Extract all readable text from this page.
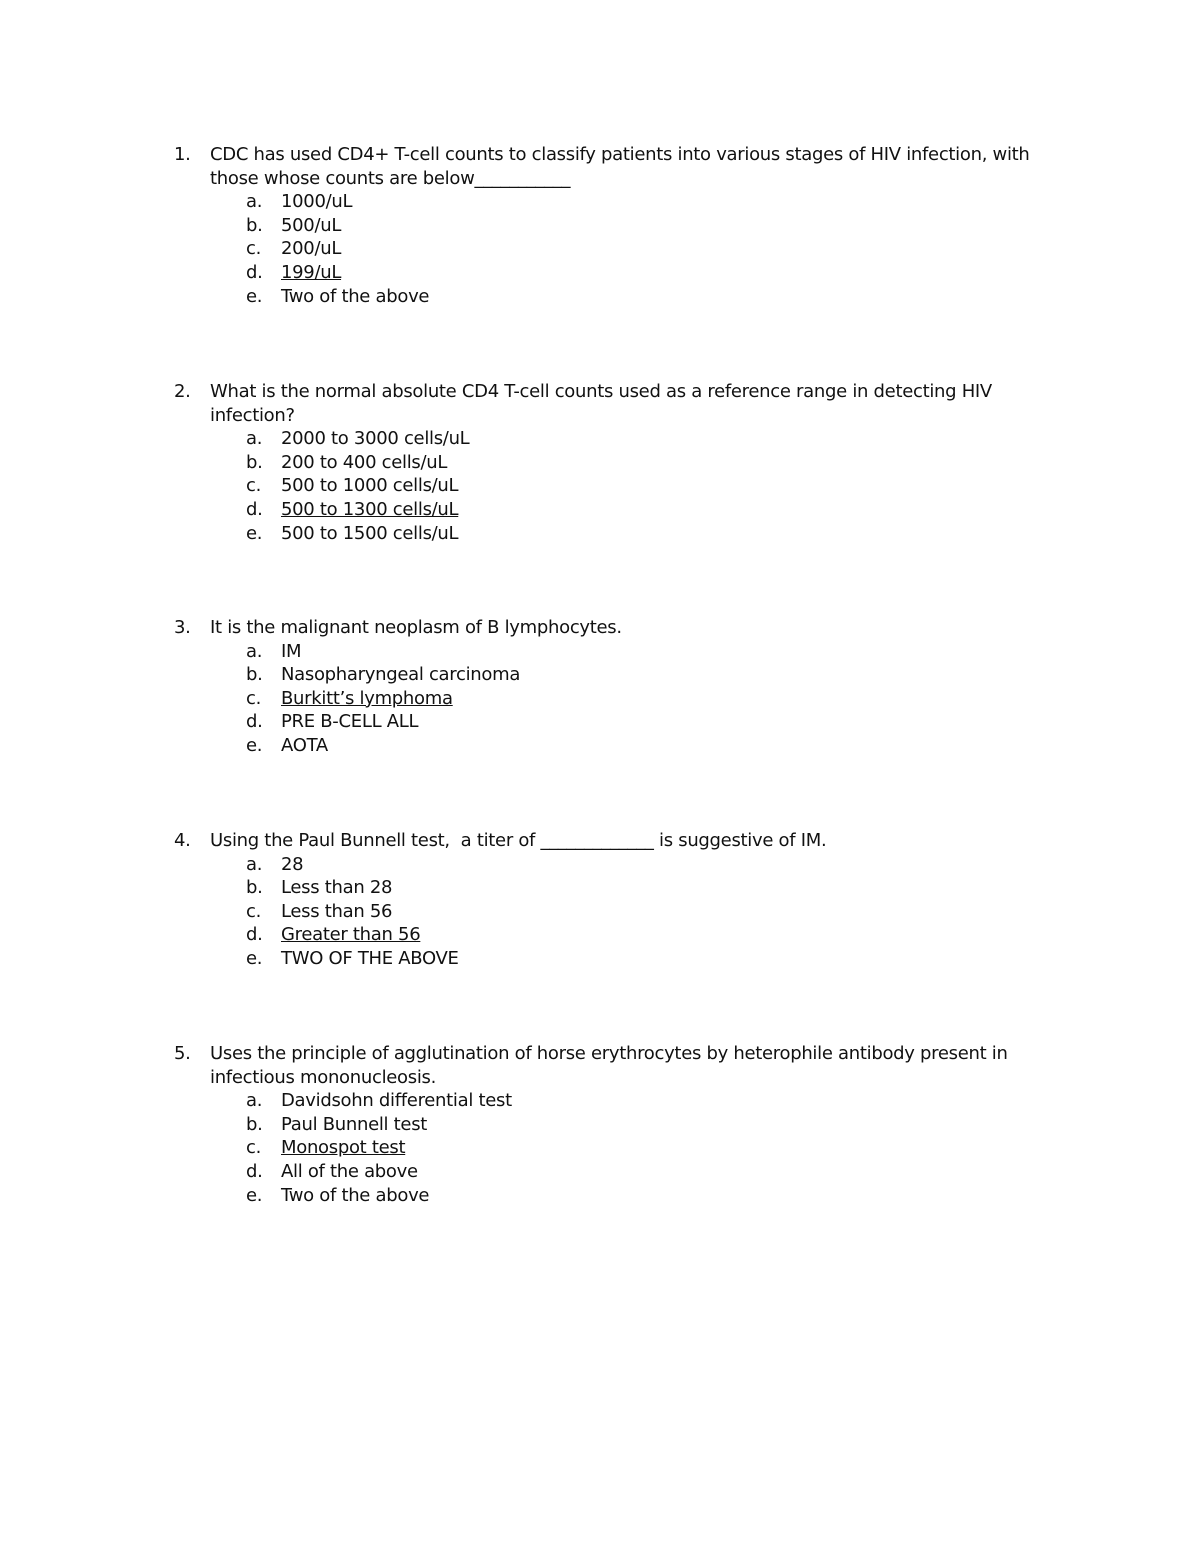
1.	CDC has used CD4+ T-cell counts to classify patients into various stages of HIV infection, with those whose counts are below___________
a.	1000/uL
b.	500/uL
c.	200/uL
d.	199/uL
e.	Two of the above
2.	What is the normal absolute CD4 T-cell counts used as a reference range in detecting HIV infection?
a.	2000 to 3000 cells/uL
b.	200 to 400 cells/uL
c.	500 to 1000 cells/uL
d.	500 to 1300 cells/uL
e.	500 to 1500 cells/uL
3.	It is the malignant neoplasm of B lymphocytes.
a.	IM
b.	Nasopharyngeal carcinoma
c.	Burkitt’s lymphoma
d.	PRE B-CELL ALL
e.	AOTA
4.	Using the Paul Bunnell test,  a titer of _____________ is suggestive of IM.
a.	28
b.	Less than 28
c.	Less than 56
d.	Greater than 56
e.	TWO OF THE ABOVE
5.	Uses the principle of agglutination of horse erythrocytes by heterophile antibody present in infectious mononucleosis.
a.	Davidsohn differential test
b.	Paul Bunnell test
c.	Monospot test
d.	All of the above
e.	Two of the above
